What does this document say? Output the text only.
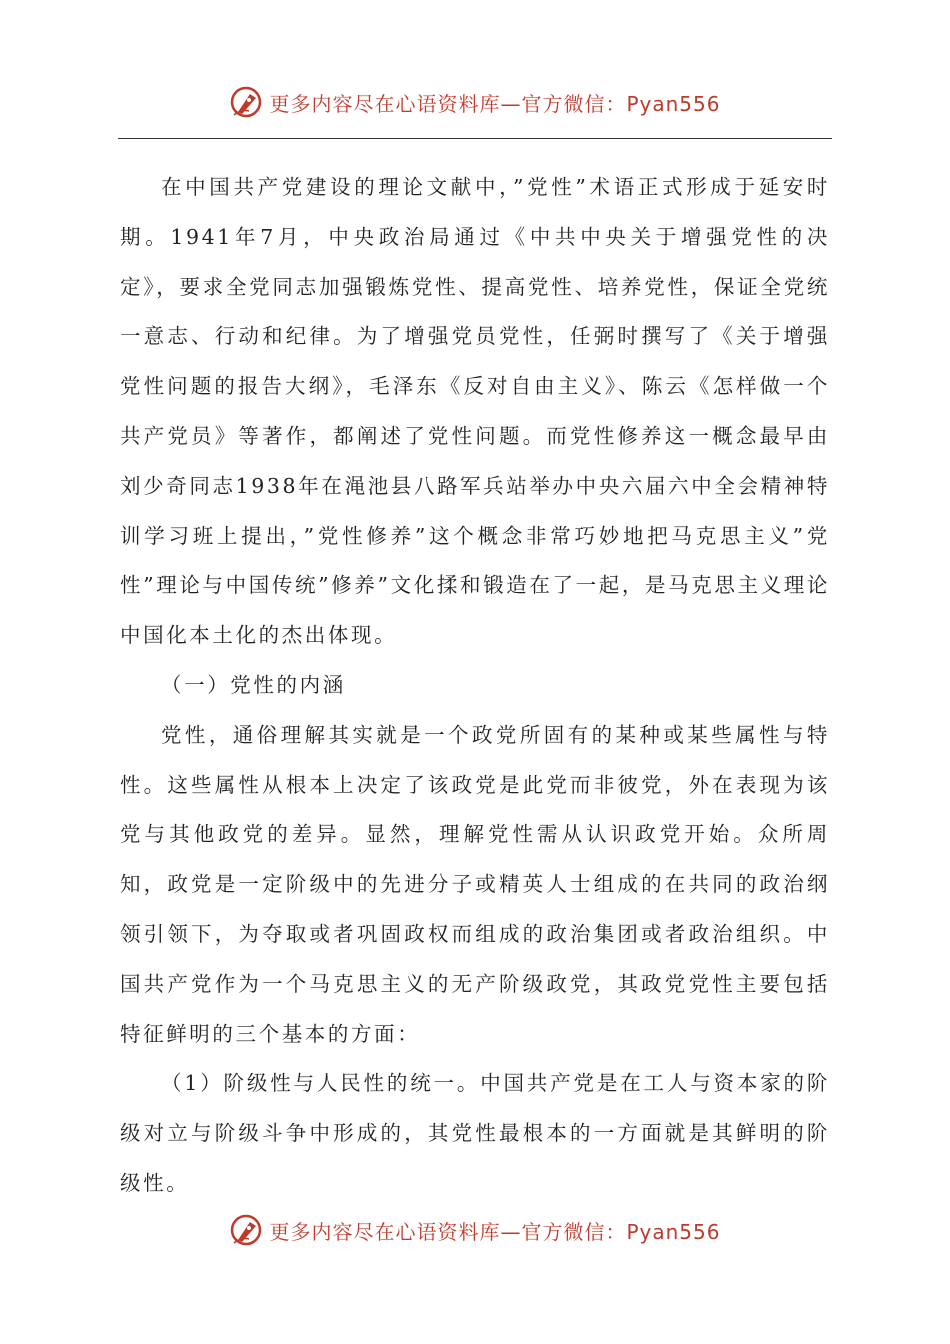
更多内容尽在心语资料库—官方微信：Pyan556

在中国共产党建设的理论文献中，”党性”术语正式形成于延安时期。1941年7月，中央政治局通过《中共中央关于增强党性的决定》，要求全党同志加强锻炼党性、提高党性、培养党性，保证全党统一意志、行动和纪律。为了增强党员党性，任弼时撰写了《关于增强党性问题的报告大纲》，毛泽东《反对自由主义》、陈云《怎样做一个共产党员》等著作，都阐述了党性问题。而党性修养这一概念最早由刘少奇同志1938年在渑池县八路军兵站举办中央六届六中全会精神特训学习班上提出，”党性修养”这个概念非常巧妙地把马克思主义”党性”理论与中国传统”修养”文化揉和锻造在了一起，是马克思主义理论中国化本土化的杰出体现。

（一）党性的内涵

党性，通俗理解其实就是一个政党所固有的某种或某些属性与特性。这些属性从根本上决定了该政党是此党而非彼党，外在表现为该党与其他政党的差异。显然，理解党性需从认识政党开始。众所周知，政党是一定阶级中的先进分子或精英人士组成的在共同的政治纲领引领下，为夺取或者巩固政权而组成的政治集团或者政治组织。中国共产党作为一个马克思主义的无产阶级政党，其政党党性主要包括特征鲜明的三个基本的方面：

（1）阶级性与人民性的统一。中国共产党是在工人与资本家的阶级对立与阶级斗争中形成的，其党性最根本的一方面就是其鲜明的阶级性。

更多内容尽在心语资料库—官方微信：Pyan556
